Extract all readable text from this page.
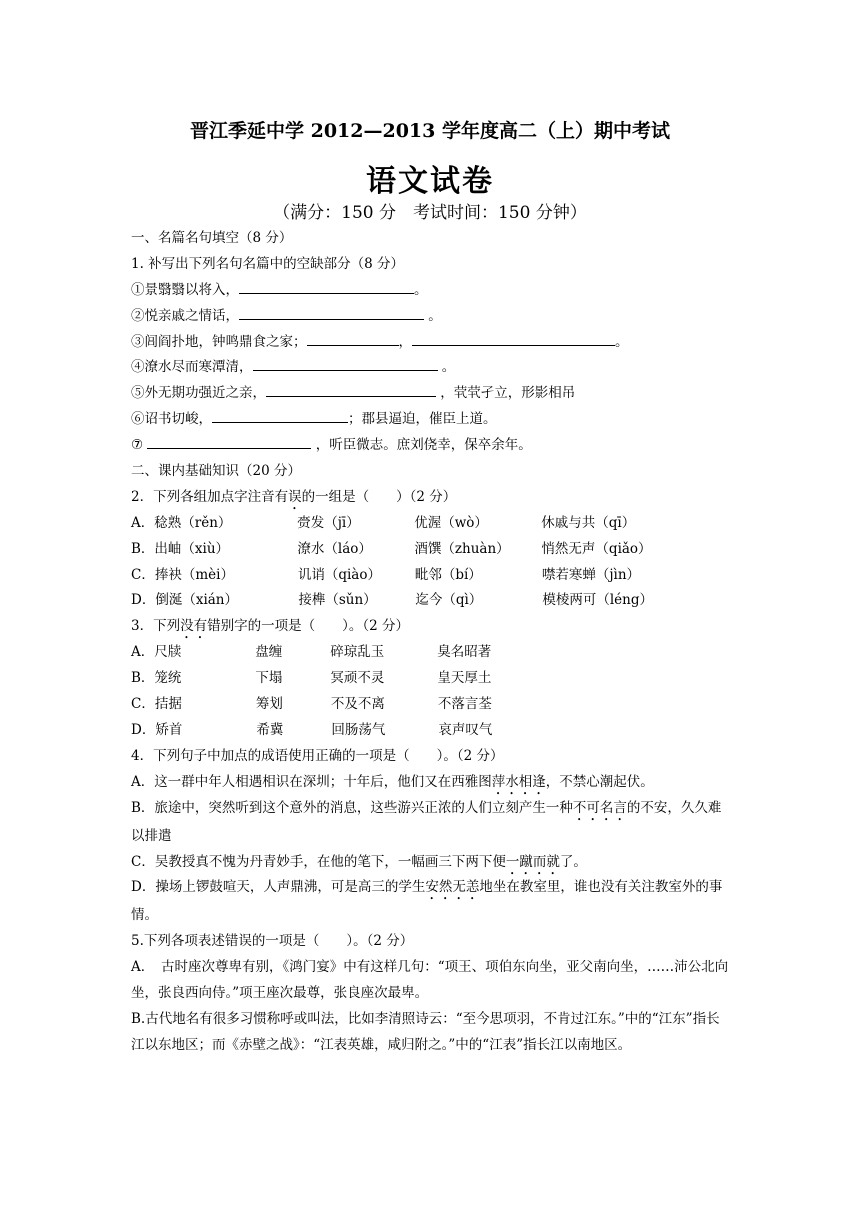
晋江季延中学 2012—2013 学年度高二（上）期中考试
语文试卷
（满分：150 分　考试时间：150 分钟）
一、名篇名句填空（8 分）
1. 补写出下列名句名篇中的空缺部分（8 分）
①景翳翳以将入，	。
②悦亲戚之情话，	。
③闾阎扑地，钟鸣鼎食之家；	，	。
④潦水尽而寒潭清，	。
⑤外无期功强近之亲，	，茕茕孑立，形影相吊
⑥诏书切峻，	；郡县逼迫，催臣上道。
⑦	，听臣微志。庶刘侥幸，保卒余年。
二、课内基础知识（20 分）
2．下列各组加点字注音有误的一组是（　　）（2 分）
A．稔熟（rěn）	赍发（jī）	优渥（wò）	休戚与共（qī）
B．出岫（xiù）	潦水（láo）	酒馔（zhuàn） 悄然无声（qiǎo）
C．捧袂（mèi）	讥诮（qiào）	毗邻（bí）	噤若寒蝉（jìn）
D．倒涎（xián）	接榫（sǔn）	迄今（qì）	模棱两可（léng）
3．下列没有错别字的一项是（　　）。（2 分）
A．尺牍	盘缠	碎琼乱玉	臭名昭著
B．笼统	下塌	冥顽不灵	皇天厚土
C．拮据	筹划	不及不离	不落言荃
D．矫首	希冀	回肠荡气	哀声叹气
4．下列句子中加点的成语使用正确的一项是（　　）。（2 分）
A．这一群中年人相遇相识在深圳；十年后，他们又在西雅图萍水相逢，不禁心潮起伏。
B．旅途中，突然听到这个意外的消息，这些游兴正浓的人们立刻产生一种不可名言的不安，久久难以排遣
C．吴教授真不愧为丹青妙手，在他的笔下，一幅画三下两下便一蹴而就了。
D．操场上锣鼓喧天，人声鼎沸，可是高三的学生安然无恙地坐在教室里，谁也没有关注教室外的事情。
5.下列各项表述错误的一项是（　　）。（2 分）
A．　古时座次尊卑有别，《鸿门宴》中有这样几句：“项王、项伯东向坐，亚父南向坐，……沛公北向坐，张良西向侍。”项王座次最尊，张良座次最卑。
B.古代地名有很多习惯称呼或叫法，比如李清照诗云：“至今思项羽，不肯过江东。”中的“江东”指长江以东地区；而《赤壁之战》：“江表英雄，咸归附之。”中的“江表”指长江以南地区。
